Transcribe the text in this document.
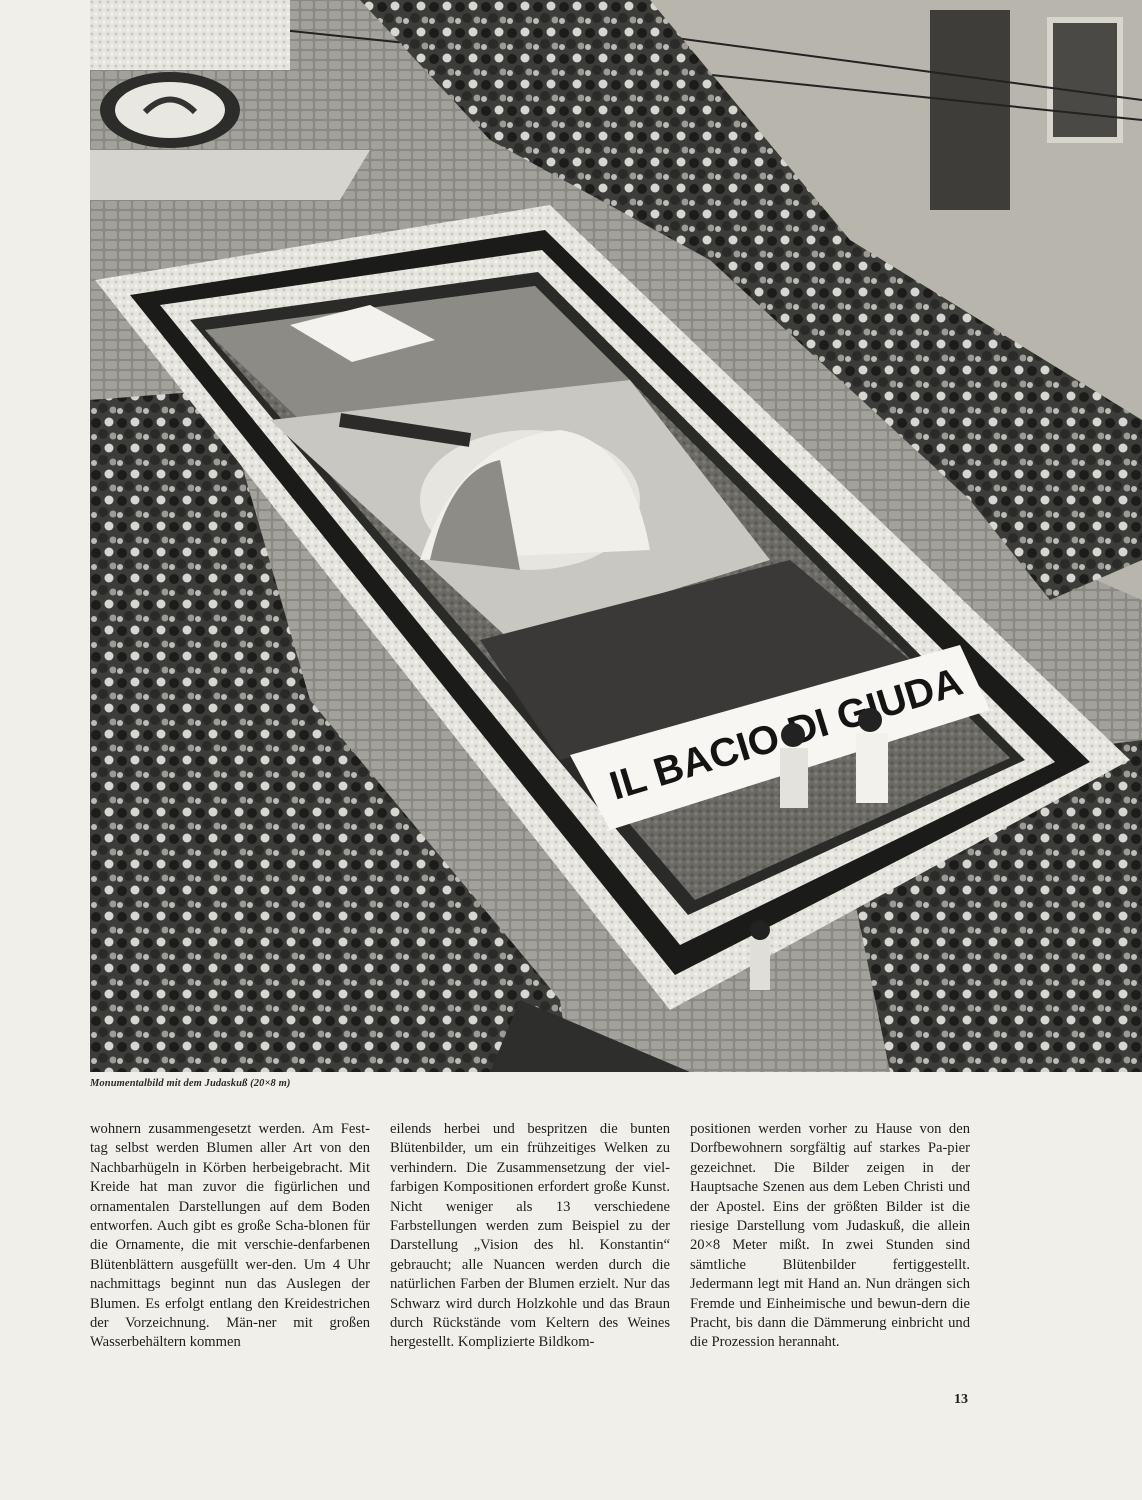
IL BACIO DI GIUDA
Monumentalbild mit dem Judaskuß (20×8 m)
wohnern zusammengesetzt werden. Am Fest-tag selbst werden Blumen aller Art von den Nachbarhügeln in Körben herbeigebracht. Mit Kreide hat man zuvor die figürlichen und ornamentalen Darstellungen auf dem Boden entworfen. Auch gibt es große Scha-blonen für die Ornamente, die mit verschie-denfarbenen Blütenblättern ausgefüllt wer-den. Um 4 Uhr nachmittags beginnt nun das Auslegen der Blumen. Es erfolgt entlang den Kreidestrichen der Vorzeichnung. Män-ner mit großen Wasserbehältern kommen
eilends herbei und bespritzen die bunten Blütenbilder, um ein frühzeitiges Welken zu verhindern. Die Zusammensetzung der viel-farbigen Kompositionen erfordert große Kunst. Nicht weniger als 13 verschiedene Farbstellungen werden zum Beispiel zu der Darstellung „Vision des hl. Konstantin“ gebraucht; alle Nuancen werden durch die natürlichen Farben der Blumen erzielt. Nur das Schwarz wird durch Holzkohle und das Braun durch Rückstände vom Keltern des Weines hergestellt. Komplizierte Bildkom-
positionen werden vorher zu Hause von den Dorfbewohnern sorgfältig auf starkes Pa-pier gezeichnet. Die Bilder zeigen in der Hauptsache Szenen aus dem Leben Christi und der Apostel. Eins der größten Bilder ist die riesige Darstellung vom Judaskuß, die allein 20×8 Meter mißt. In zwei Stunden sind sämtliche Blütenbilder fertiggestellt. Jedermann legt mit Hand an. Nun drängen sich Fremde und Einheimische und bewun-dern die Pracht, bis dann die Dämmerung einbricht und die Prozession herannaht.
13
